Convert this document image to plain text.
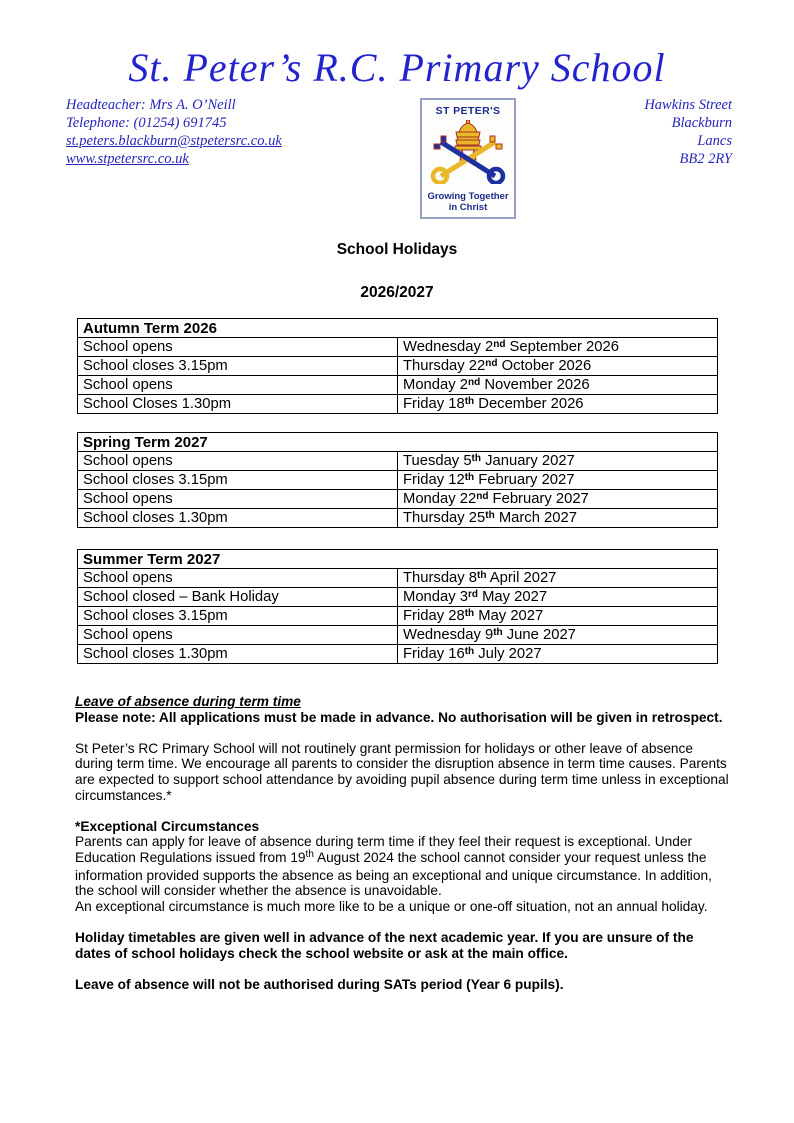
St. Peter’s R.C. Primary School
Headteacher: Mrs A. O’Neill
Telephone: (01254) 691745
st.peters.blackburn@stpetersrc.co.uk
www.stpetersrc.co.uk
ST PETER'S
Growing Together
in Christ
Hawkins Street
Blackburn
Lancs
BB2 2RY
School Holidays
2026/2027
Autumn Term 2026	
School opens	Wednesday 2nd September 2026
School closes 3.15pm	Thursday 22nd October 2026
School opens	Monday 2nd November 2026
School Closes 1.30pm	Friday 18th December 2026
Spring Term 2027	
School opens	Tuesday 5th January 2027
School closes 3.15pm	Friday 12th February 2027
School opens	Monday 22nd February 2027
School closes 1.30pm	Thursday 25th March 2027
Summer Term 2027	
School opens	Thursday 8th April 2027
School closed – Bank Holiday	Monday 3rd May 2027
School closes 3.15pm	Friday 28th May 2027
School opens	Wednesday 9th June 2027
School closes 1.30pm	Friday 16th July 2027
Leave of absence during term time
Please note: All applications must be made in advance. No authorisation will be given in retrospect.
St Peter’s RC Primary School will not routinely grant permission for holidays or other leave of absence during term time. We encourage all parents to consider the disruption absence in term time causes. Parents are expected to support school attendance by avoiding pupil absence during term time unless in exceptional circumstances.*
*Exceptional Circumstances
Parents can apply for leave of absence during term time if they feel their request is exceptional. Under Education Regulations issued from 19th August 2024 the school cannot consider your request unless the information provided supports the absence as being an exceptional and unique circumstance. In addition, the school will consider whether the absence is unavoidable.
An exceptional circumstance is much more like to be a unique or one-off situation, not an annual holiday.
Holiday timetables are given well in advance of the next academic year. If you are unsure of the dates of school holidays check the school website or ask at the main office.
Leave of absence will not be authorised during SATs period (Year 6 pupils).
